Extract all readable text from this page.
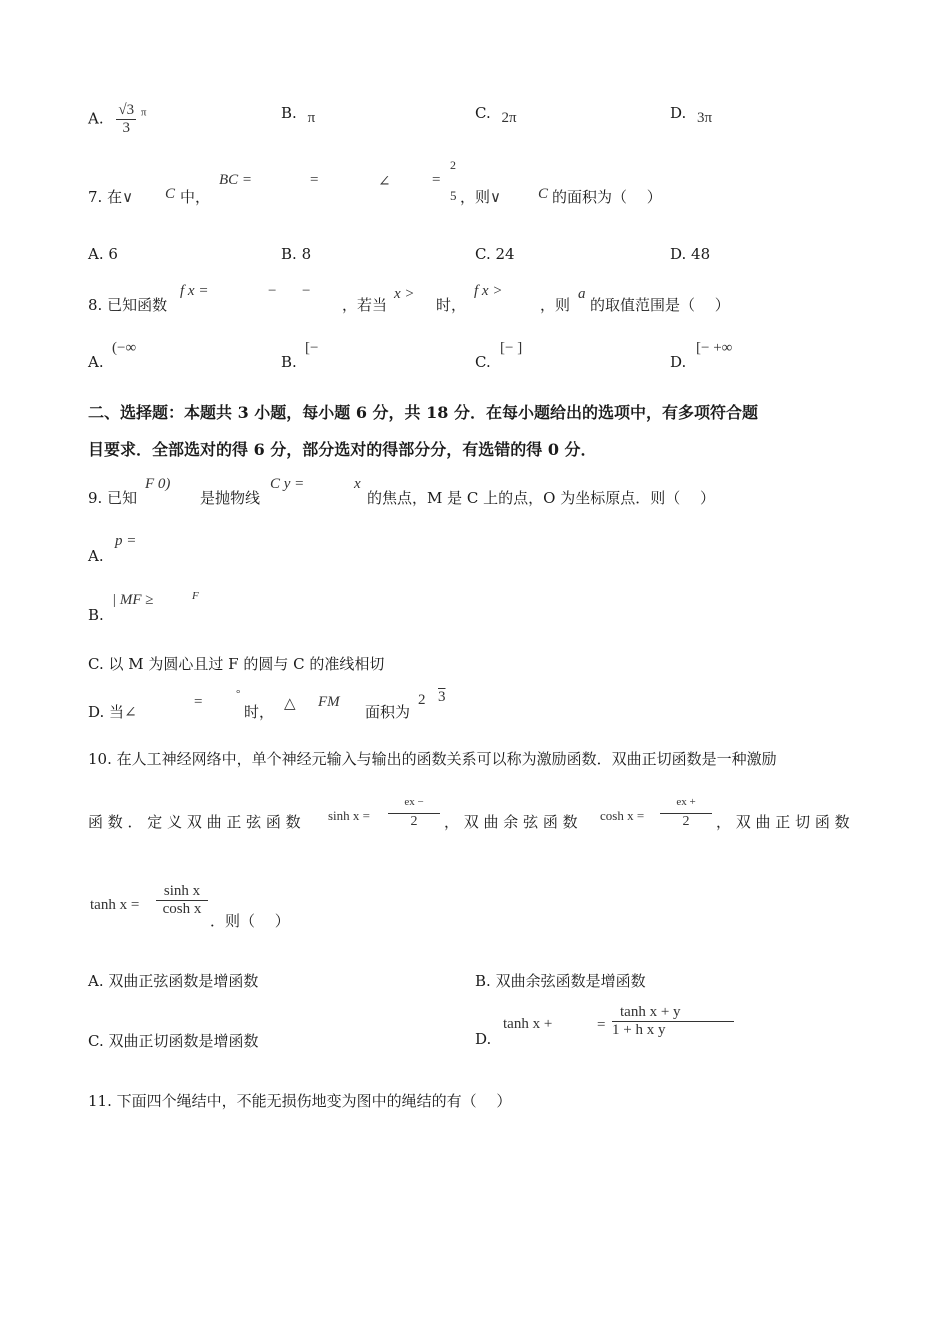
A. $\frac{√3}{3} ^\pi$	B. π	C. 2π	D. 3π
7. 在∨ C 中，
BC =	=	∠	=
2
5 ，则∨ C 的面积为（　 ）
A. 6	B. 8	C. 24	D. 48
8. 已知函数
f x =	− −
，若当
x >
时，
f x >
，则
a
的取值范围是（　 ）
A.
(−∞
B.
[−
C.
[− ]
D.
[− +∞
二、选择题：本题共 3 小题，每小题 6 分，共 18 分．在每小题给出的选项中，有多项符合题
目要求．全部选对的得 6 分，部分选对的得部分分，有选错的得 0 分．
9. 已知
F 0)
是抛物线
C y =	x
的焦点，M 是 C 上的点，O 为坐标原点．则（　 ）
A.
p =
B.
| MF ≥	F
C. 以 M 为圆心且过 F 的圆与 C 的准线相切
D. 当∠
=	°
时， △ FM
面积为
2 3
10. 在人工神经网络中，单个神经元输入与输出的函数关系可以称为激励函数．双曲正切函数是一种激励
函 数 ． 定 义 双 曲 正 弦 函 数 sinh x =
ex −
2	， 双 曲 余 弦 函 数 cosh x =
ex +
2	， 双 曲 正 切 函 数
$\tanh x = \frac{\text{sinh x}}{\text{cosh x}}$
．则（　 ）
A. 双曲正弦函数是增函数	B. 双曲余弦函数是增函数
C. 双曲正切函数是增函数	D.
tanh x +	= $\frac{\text{tanh x + y}}{\text{1 + h x y}}$
11. 下面四个绳结中，不能无损伤地变为图中的绳结的有（　 ）
